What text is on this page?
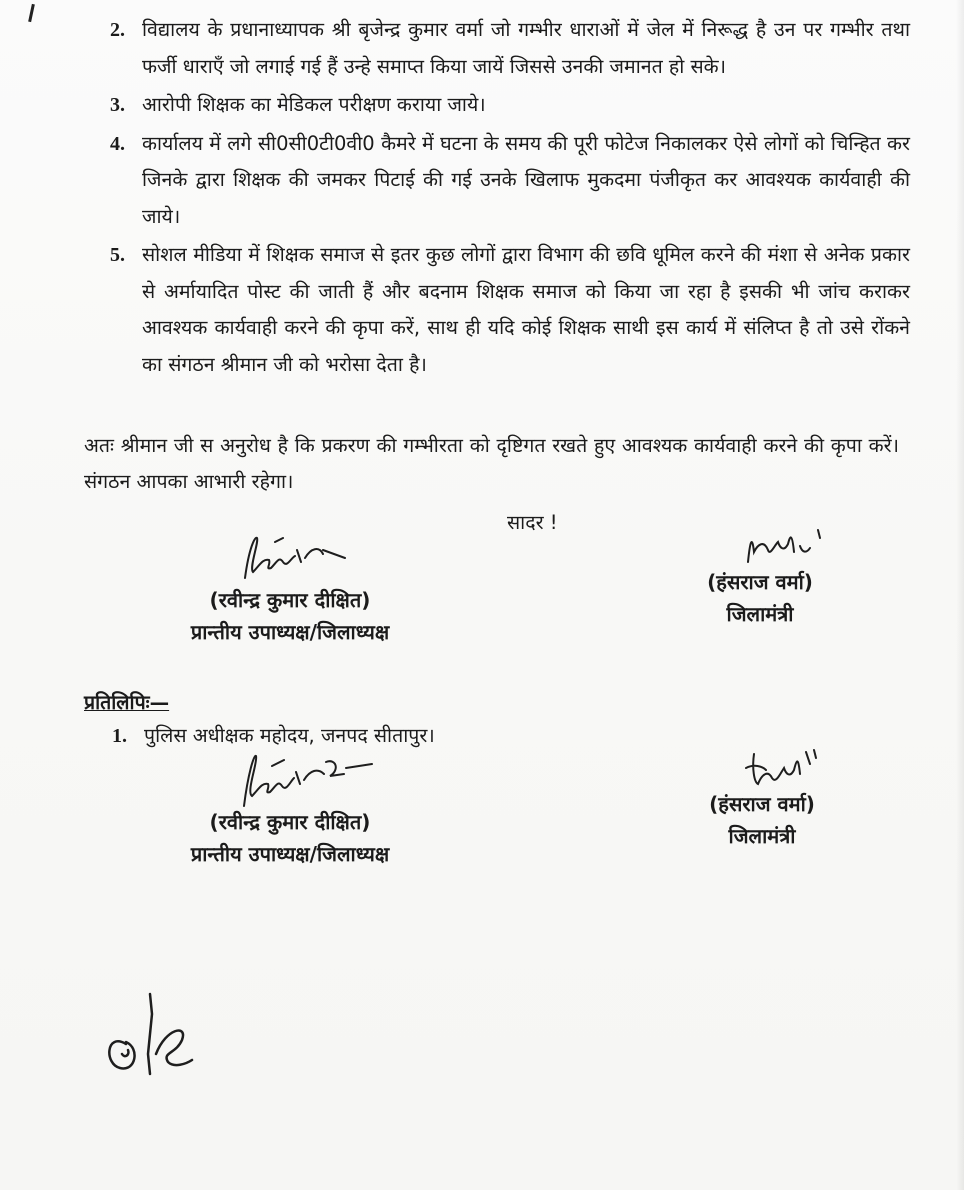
2. विद्यालय के प्रधानाध्यापक श्री बृजेन्द्र कुमार वर्मा जो गम्भीर धाराओं में जेल में निरूद्ध है उन पर गम्भीर तथा फर्जी धाराएँ जो लगाई गई हैं उन्हे समाप्त किया जायें जिससे उनकी जमानत हो सके।
3. आरोपी शिक्षक का मेडिकल परीक्षण कराया जाये।
4. कार्यालय में लगे सी0सी0टी0वी0 कैमरे में घटना के समय की पूरी फोटेज निकालकर ऐसे लोगों को चिन्हित कर जिनके द्वारा शिक्षक की जमकर पिटाई की गई उनके खिलाफ मुकदमा पंजीकृत कर आवश्यक कार्यवाही की जाये।
5. सोशल मीडिया में शिक्षक समाज से इतर कुछ लोगों द्वारा विभाग की छवि धूमिल करने की मंशा से अनेक प्रकार से अर्मायादित पोस्ट की जाती हैं और बदनाम शिक्षक समाज को किया जा रहा है इसकी भी जांच कराकर आवश्यक कार्यवाही करने की कृपा करें, साथ ही यदि कोई शिक्षक साथी इस कार्य में संलिप्त है तो उसे रोंकने का संगठन श्रीमान जी को भरोसा देता है।

अतः श्रीमान जी स अनुरोध है कि प्रकरण की गम्भीरता को दृष्टिगत रखते हुए आवश्यक कार्यवाही करने की कृपा करें। संगठन आपका आभारी रहेगा।

सादर !
(रवीन्द्र कुमार दीक्षित)
प्रान्तीय उपाध्यक्ष/जिलाध्यक्ष
(हंसराज वर्मा)
जिलामंत्री
प्रतिलिपिः—
1. पुलिस अधीक्षक महोदय, जनपद सीतापुर।
(रवीन्द्र कुमार दीक्षित)
प्रान्तीय उपाध्यक्ष/जिलाध्यक्ष
(हंसराज वर्मा)
जिलामंत्री
